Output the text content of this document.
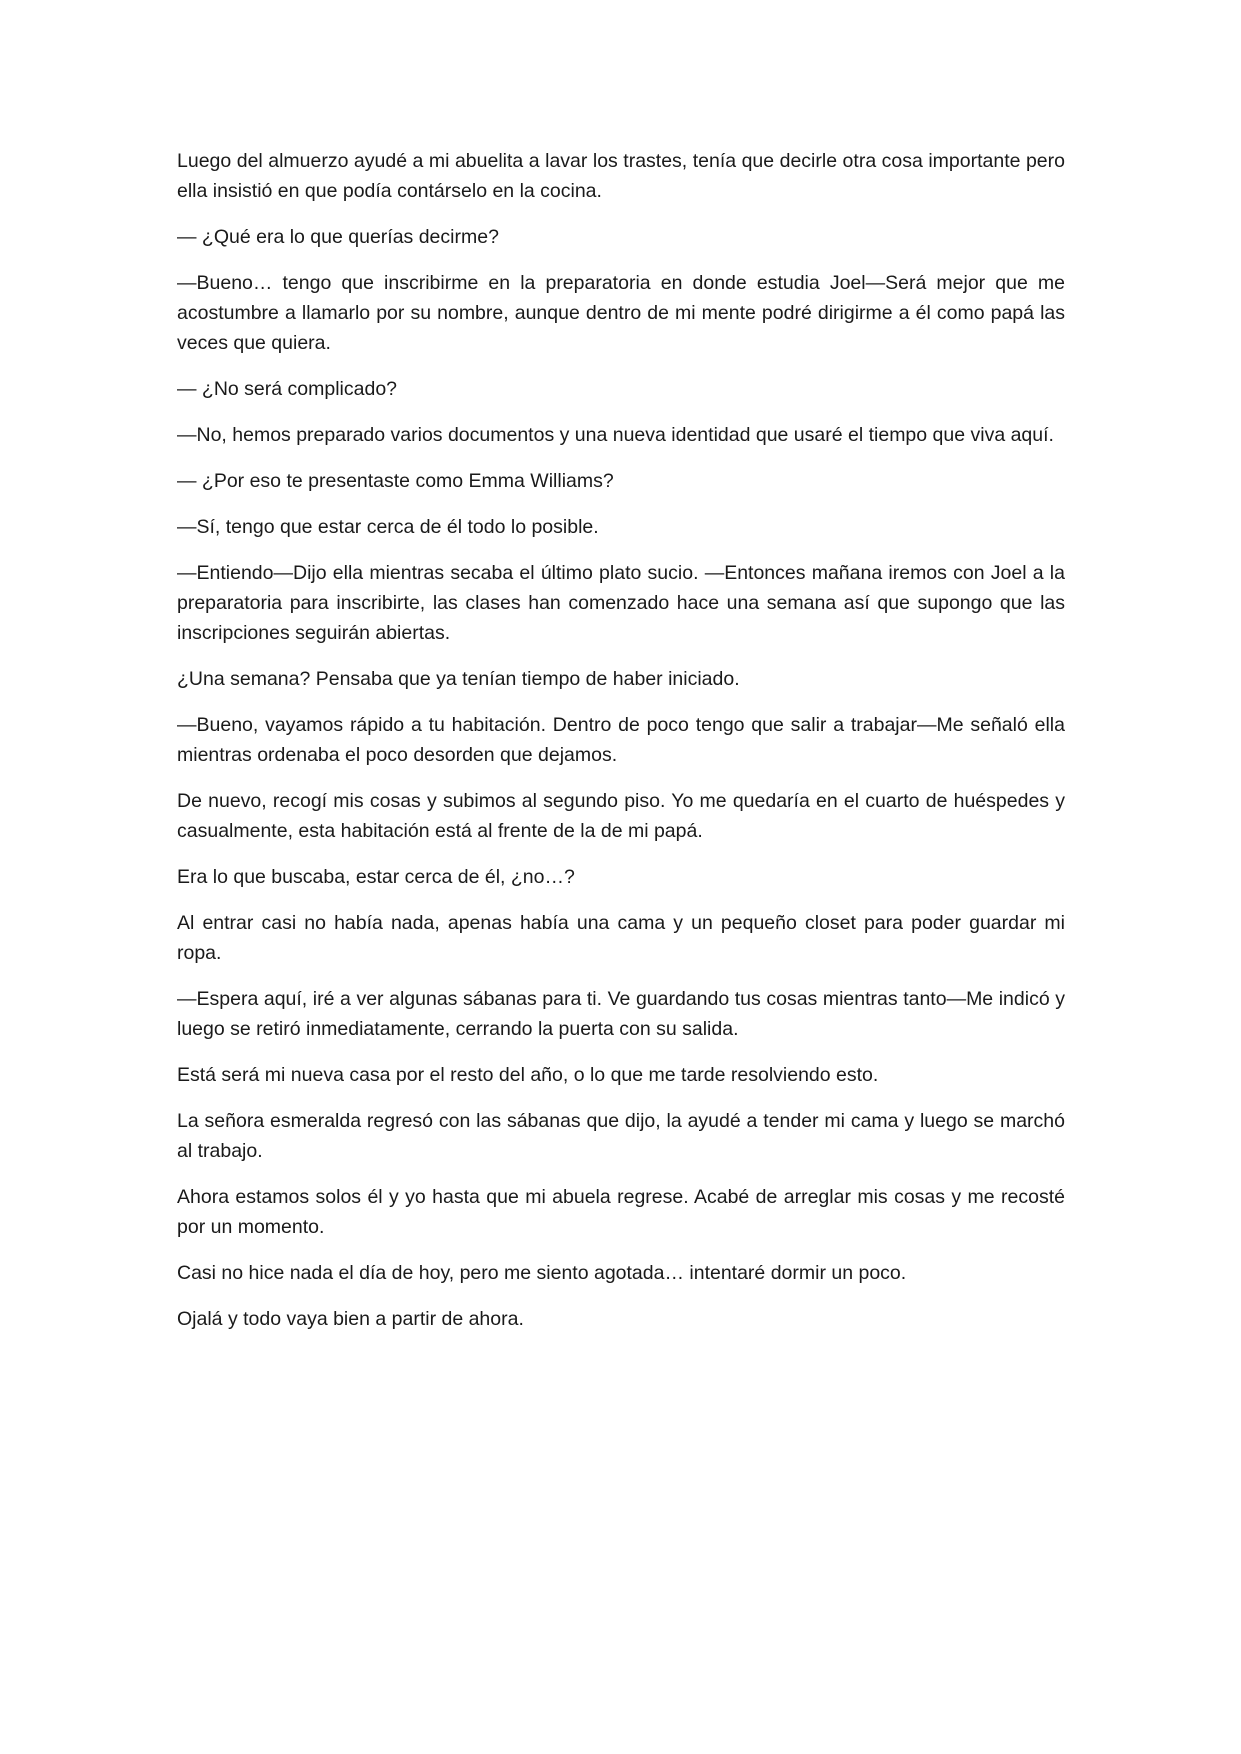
Luego del almuerzo ayudé a mi abuelita a lavar los trastes, tenía que decirle otra cosa importante pero ella insistió en que podía contárselo en la cocina.

— ¿Qué era lo que querías decirme?

—Bueno… tengo que inscribirme en la preparatoria en donde estudia Joel—Será mejor que me acostumbre a llamarlo por su nombre, aunque dentro de mi mente podré dirigirme a él como papá las veces que quiera.

— ¿No será complicado?

—No, hemos preparado varios documentos y una nueva identidad que usaré el tiempo que viva aquí.

— ¿Por eso te presentaste como Emma Williams?

—Sí, tengo que estar cerca de él todo lo posible.

—Entiendo—Dijo ella mientras secaba el último plato sucio. —Entonces mañana iremos con Joel a la preparatoria para inscribirte, las clases han comenzado hace una semana así que supongo que las inscripciones seguirán abiertas.

¿Una semana? Pensaba que ya tenían tiempo de haber iniciado.

—Bueno, vayamos rápido a tu habitación. Dentro de poco tengo que salir a trabajar—Me señaló ella mientras ordenaba el poco desorden que dejamos.

De nuevo, recogí mis cosas y subimos al segundo piso. Yo me quedaría en el cuarto de huéspedes y casualmente, esta habitación está al frente de la de mi papá.

Era lo que buscaba, estar cerca de él, ¿no…?

Al entrar casi no había nada, apenas había una cama y un pequeño closet para poder guardar mi ropa.

—Espera aquí, iré a ver algunas sábanas para ti. Ve guardando tus cosas mientras tanto—Me indicó y luego se retiró inmediatamente, cerrando la puerta con su salida.

Está será mi nueva casa por el resto del año, o lo que me tarde resolviendo esto.

La señora esmeralda regresó con las sábanas que dijo, la ayudé a tender mi cama y luego se marchó al trabajo.

Ahora estamos solos él y yo hasta que mi abuela regrese. Acabé de arreglar mis cosas y me recosté por un momento.

Casi no hice nada el día de hoy, pero me siento agotada… intentaré dormir un poco.

Ojalá y todo vaya bien a partir de ahora.
